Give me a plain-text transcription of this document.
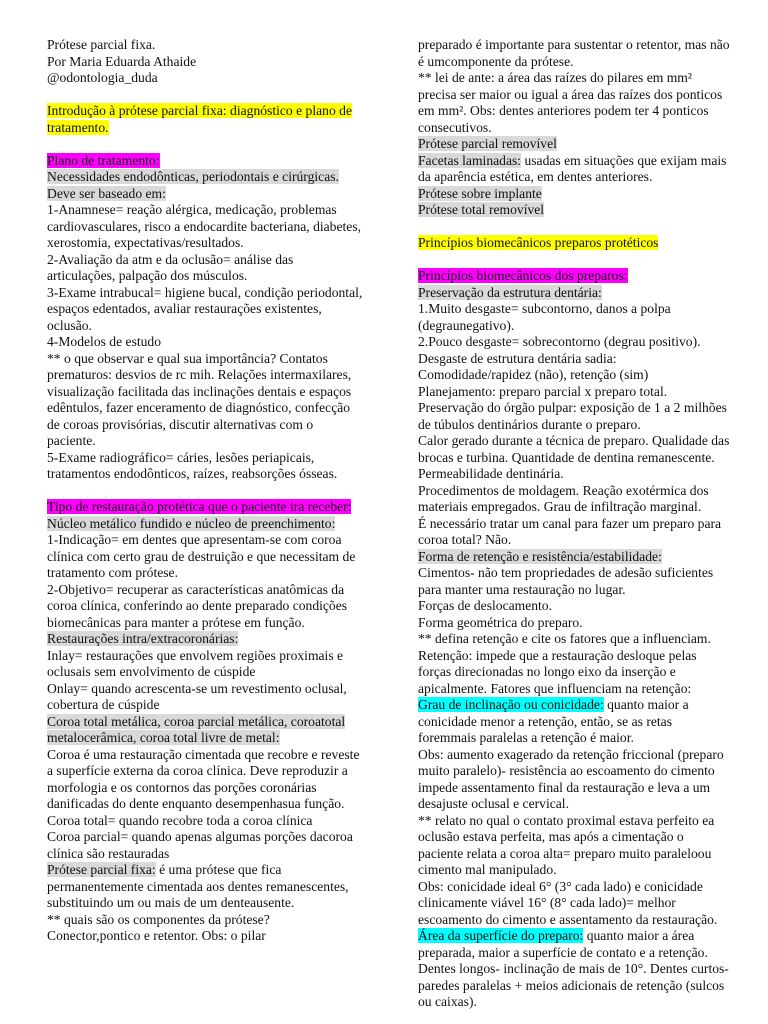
Prótese parcial fixa.

Por Maria Eduarda Athaide

@odontologia_duda

Introdução à prótese parcial fixa: diagnóstico e plano de tratamento.

Plano de tratamento:

Necessidades endodônticas, periodontais e cirúrgicas.

Deve ser baseado em:

1-Anamnese= reação alérgica, medicação, problemas cardiovasculares, risco a endocardite bacteriana, diabetes, xerostomia, expectativas/resultados.

2-Avaliação da atm e da oclusão= análise das articulações, palpação dos músculos.

3-Exame intrabucal= higiene bucal, condição periodontal, espaços edentados, avaliar restaurações existentes, oclusão.

4-Modelos de estudo

** o que observar e qual sua importância? Contatos prematuros: desvios de rc mih. Relações intermaxilares, visualização facilitada das inclinações dentais e espaços edêntulos, fazer enceramento de diagnóstico, confecção de coroas provisórias, discutir alternativas com o paciente.

5-Exame radiográfico= cáries, lesões periapicais, tratamentos endodônticos, raízes, reabsorções ósseas.

Tipo de restauração protética que o paciente ira receber:

Núcleo metálico fundido e núcleo de preenchimento:

1-Indicação= em dentes que apresentam-se com coroa clínica com certo grau de destruição e que necessitam de tratamento com prótese.

2-Objetivo= recuperar as características anatômicas da coroa clínica, conferindo ao dente preparado condições biomecânicas para manter a prótese em função.

Restaurações intra/extracoronárias:

Inlay= restaurações que envolvem regiões proximais e oclusais sem envolvimento de cúspide

Onlay= quando acrescenta-se um revestimento oclusal, cobertura de cúspide

Coroa total metálica, coroa parcial metálica, coroatotal metalocerâmica, coroa total livre de metal:

Coroa é uma restauração cimentada que recobre e reveste a superfície externa da coroa clínica. Deve reproduzir a morfologia e os contornos das porções coronárias danificadas do dente enquanto desempenhasua função.

Coroa total= quando recobre toda a coroa clínica

Coroa parcial= quando apenas algumas porções dacoroa clínica são restauradas

Prótese parcial fixa: é uma prótese que fica permanentemente cimentada aos dentes remanescentes, substituindo um ou mais de um denteausente.

** quais são os componentes da prótese?

Conector,pontico e retentor. Obs: o pilar

preparado é importante para sustentar o retentor, mas não é umcomponente da prótese.

** lei de ante: a área das raízes do pilares em mm² precisa ser maior ou igual a área das raízes dos ponticos em mm². Obs: dentes anteriores podem ter 4 ponticos consecutivos.

Prótese parcial removível

Facetas laminadas: usadas em situações que exijam mais da aparência estética, em dentes anteriores.

Prótese sobre implante

Prótese total removível

Princípios biomecânicos preparos protéticos

Princípios biomecânicos dos preparos:

Preservação da estrutura dentária:

1.Muito desgaste= subcontorno, danos a polpa (degraunegativo).

2.Pouco desgaste= sobrecontorno (degrau positivo).

Desgaste de estrutura dentária sadia:

Comodidade/rapidez (não), retenção (sim)

Planejamento: preparo parcial x preparo total.

Preservação do órgão pulpar: exposição de 1 a 2 milhões de túbulos dentinários durante o preparo.

Calor gerado durante a técnica de preparo. Qualidade das brocas e turbina. Quantidade de dentina remanescente. Permeabilidade dentinária.

Procedimentos de moldagem. Reação exotérmica dos materiais empregados. Grau de infiltração marginal.

É necessário tratar um canal para fazer um preparo para coroa total? Não.

Forma de retenção e resistência/estabilidade:

Cimentos- não tem propriedades de adesão suficientes para manter uma restauração no lugar.

Forças de deslocamento.

Forma geométrica do preparo.

** defina retenção e cite os fatores que a influenciam.

Retenção: impede que a restauração desloque pelas forças direcionadas no longo eixo da inserção e apicalmente. Fatores que influenciam na retenção:

Grau de inclinação ou conicidade: quanto maior a conicidade menor a retenção, então, se as retas foremmais paralelas a retenção é maior.

Obs: aumento exagerado da retenção friccional (preparo muito paralelo)- resistência ao escoamento do cimento impede assentamento final da restauração e leva a um desajuste oclusal e cervical.

** relato no qual o contato proximal estava perfeito ea oclusão estava perfeita, mas após a cimentação o paciente relata a coroa alta= preparo muito paraleloou cimento mal manipulado.

Obs: conicidade ideal 6° (3° cada lado) e conicidade clinicamente viável 16° (8° cada lado)= melhor escoamento do cimento e assentamento da restauração.

Área da superfície do preparo: quanto maior a área preparada, maior a superfície de contato e a retenção.

Dentes longos- inclinação de mais de 10°. Dentes curtos- paredes paralelas + meios adicionais de retenção (sulcos ou caixas).
